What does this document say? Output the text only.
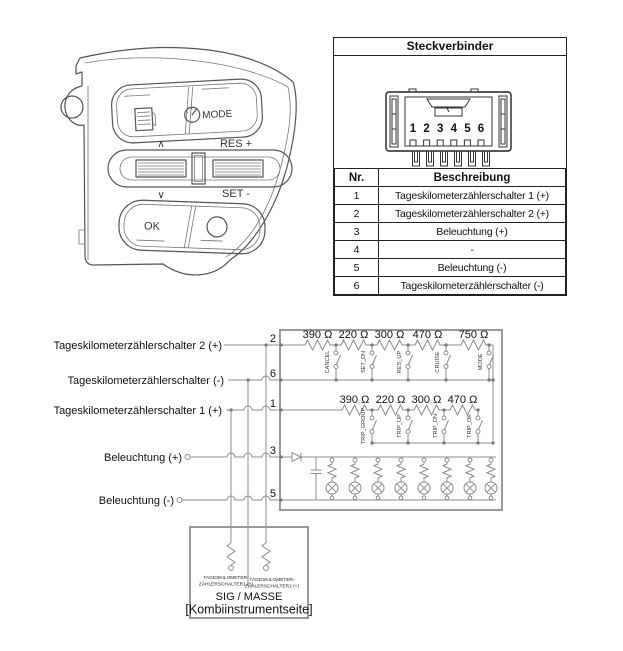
MODE
∧	RES +
∨	SET -
OK
Steckverbinder
1 2 3 4 5 6
Nr.	Beschreibung
1	Tageskilometerzählerschalter 1 (+)
2	Tageskilometerzählerschalter 2 (+)
3	Beleuchtung (+)
4	-
5	Beleuchtung (-)
6	Tageskilometerzählerschalter (-)
Tageskilometerzählerschalter 2 (+)
Tageskilometerzählerschalter (-)
Tageskilometerzählerschalter 1 (+)
Beleuchtung (+)
Beleuchtung (-)
2
6
1
3
5
390 Ω 220 Ω 300 Ω 470 Ω 750 Ω
CANCEL	SET_DN	RES_UP	CRUISE	MODE
390 Ω 220 Ω 300 Ω 470 Ω
TRIP_GROUP	TRIP_UP	TRIP_DN	TRIP_OK
TAGESKILOMETER-
ZÄHLERSCHALTER1 (+)
TAGESKILOMETER-
ZÄHLERSCHALTER2 (+)
SIG / MASSE
[Kombiinstrumentseite]
